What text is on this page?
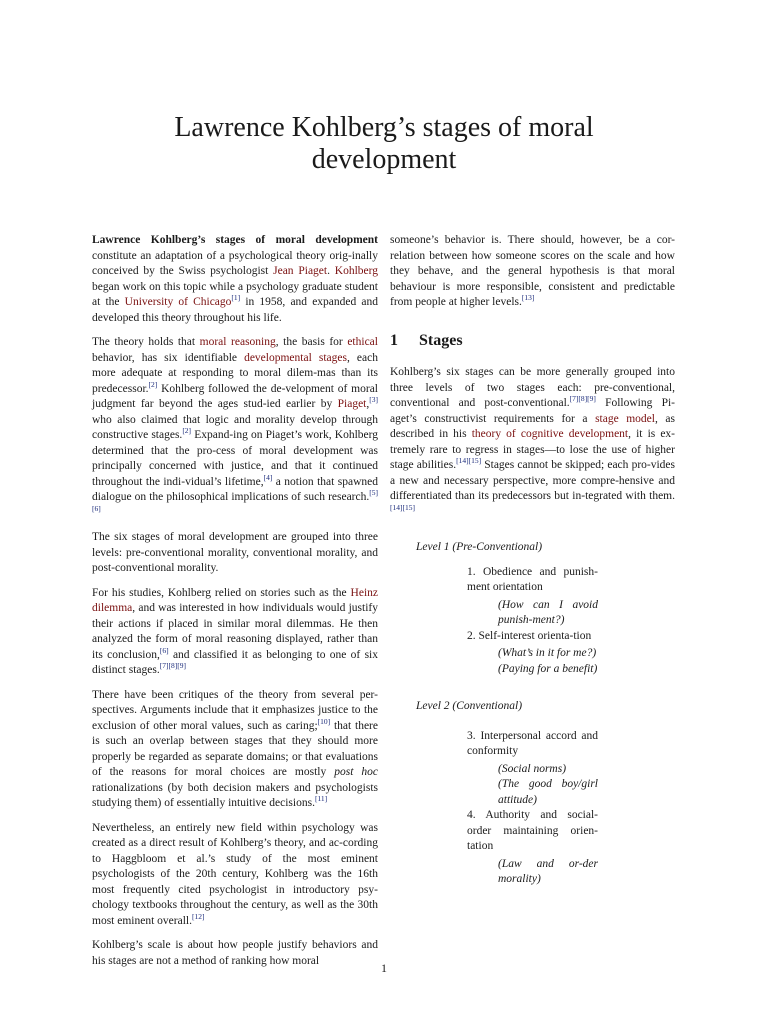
Lawrence Kohlberg’s stages of moral development

Lawrence Kohlberg’s stages of moral development constitute an adaptation of a psychological theory orig-inally conceived by the Swiss psychologist Jean Piaget. Kohlberg began work on this topic while a psychology graduate student at the University of Chicago[1] in 1958, and expanded and developed this theory throughout his life.

The theory holds that moral reasoning, the basis for ethical behavior, has six identifiable developmental stages, each more adequate at responding to moral dilem-mas than its predecessor.[2] Kohlberg followed the de-velopment of moral judgment far beyond the ages stud-ied earlier by Piaget,[3] who also claimed that logic and morality develop through constructive stages.[2] Expand-ing on Piaget’s work, Kohlberg determined that the pro-cess of moral development was principally concerned with justice, and that it continued throughout the indi-vidual’s lifetime,[4] a notion that spawned dialogue on the philosophical implications of such research.[5][6]

The six stages of moral development are grouped into three levels: pre-conventional morality, conventional morality, and post-conventional morality.

For his studies, Kohlberg relied on stories such as the Heinz dilemma, and was interested in how individuals would justify their actions if placed in similar moral dilemmas. He then analyzed the form of moral reasoning displayed, rather than its conclusion,[6] and classified it as belonging to one of six distinct stages.[7][8][9]

There have been critiques of the theory from several per-spectives. Arguments include that it emphasizes justice to the exclusion of other moral values, such as caring;[10] that there is such an overlap between stages that they should more properly be regarded as separate domains; or that evaluations of the reasons for moral choices are mostly post hoc rationalizations (by both decision makers and psychologists studying them) of essentially intuitive decisions.[11]

Nevertheless, an entirely new field within psychology was created as a direct result of Kohlberg’s theory, and ac-cording to Haggbloom et al.’s study of the most eminent psychologists of the 20th century, Kohlberg was the 16th most frequently cited psychologist in introductory psy-chology textbooks throughout the century, as well as the 30th most eminent overall.[12]

Kohlberg’s scale is about how people justify behaviors and his stages are not a method of ranking how moral

someone’s behavior is. There should, however, be a cor-relation between how someone scores on the scale and how they behave, and the general hypothesis is that moral behaviour is more responsible, consistent and predictable from people at higher levels.[13]

1 Stages

Kohlberg’s six stages can be more generally grouped into three levels of two stages each: pre-conventional, conventional and post-conventional.[7][8][9] Following Pi-aget’s constructivist requirements for a stage model, as described in his theory of cognitive development, it is ex-tremely rare to regress in stages—to lose the use of higher stage abilities.[14][15] Stages cannot be skipped; each pro-vides a new and necessary perspective, more compre-hensive and differentiated than its predecessors but in-tegrated with them.[14][15]

Level 1 (Pre-Conventional)
1. Obedience and punish-ment orientation
(How can I avoid punish-ment?)
2. Self-interest orienta-tion
(What’s in it for me?)
(Paying for a benefit)
Level 2 (Conventional)
3. Interpersonal accord and conformity
(Social norms)
(The good boy/girl attitude)
4. Authority and social-order maintaining orien-tation
(Law and or-der morality)
1
